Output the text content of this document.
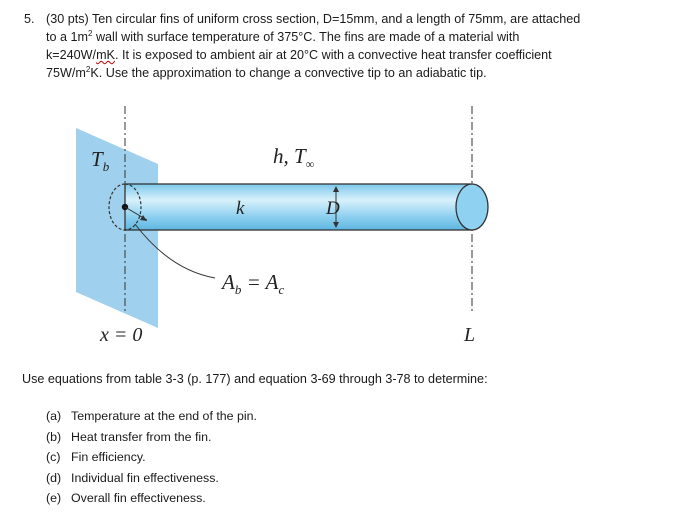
5. (30 pts) Ten circular fins of uniform cross section, D=15mm, and a length of 75mm, are attached

to a $1m^2$ wall with surface temperature of 375°C. The fins are made of a material with

k=240W/mK. It is exposed to ambient air at 20°C with a convective heat transfer coefficient

$75W/m^2K$. Use the approximation to change a convective tip to an adiabatic tip.

$T_b$	h, $T_\infty$
k	D
$A_b = A_c$
x = 0	L
Use equations from table 3-3 (p. 177) and equation 3-69 through 3-78 to determine:
(a) Temperature at the end of the pin.
(b) Heat transfer from the fin.
(c) Fin efficiency.
(d) Individual fin effectiveness.
(e) Overall fin effectiveness.
